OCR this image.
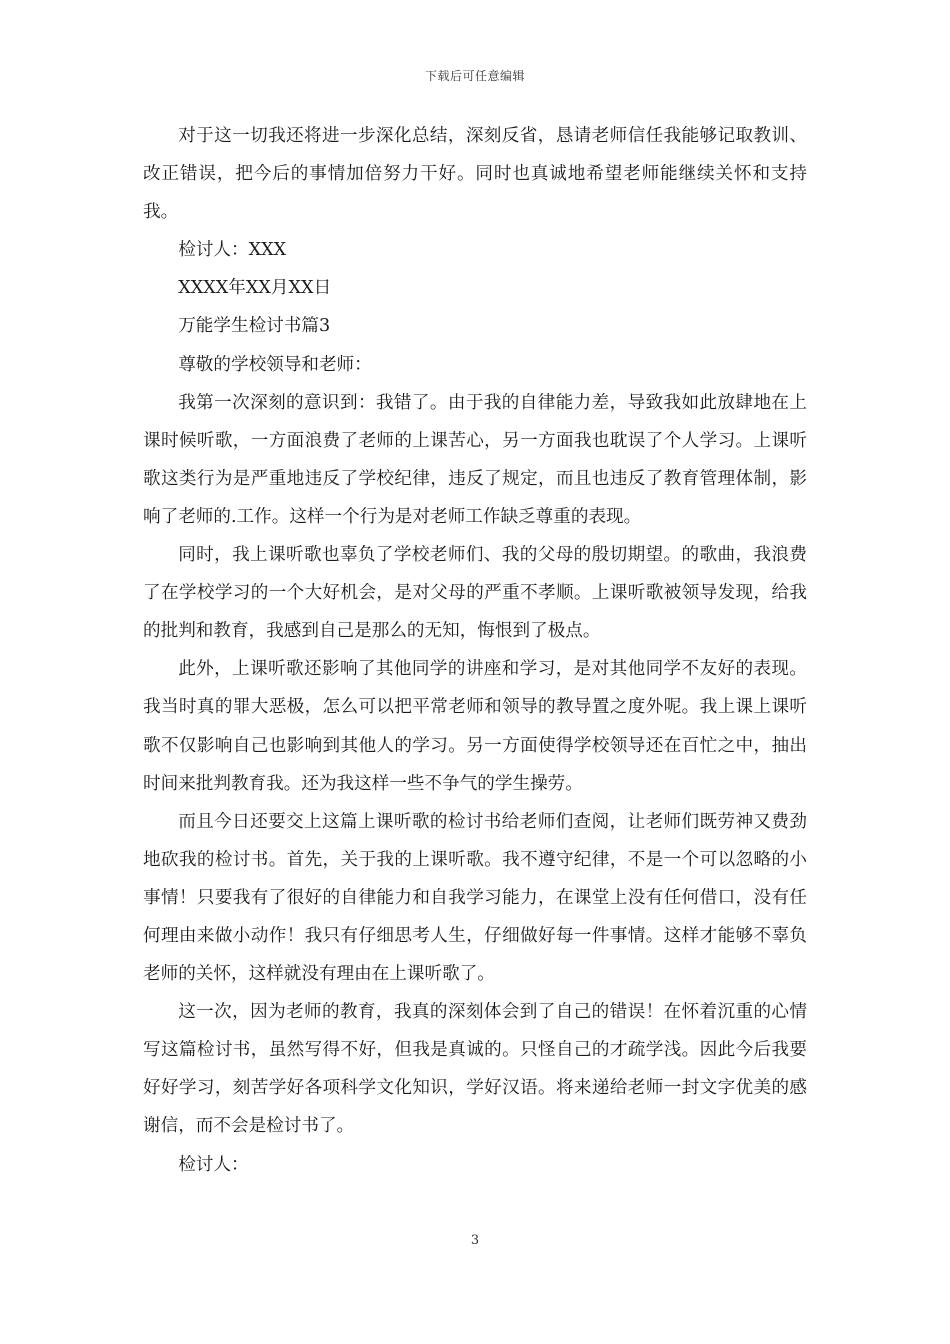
下载后可任意编辑

对于这一切我还将进一步深化总结，深刻反省，恳请老师信任我能够记取教训、改正错误，把今后的事情加倍努力干好。同时也真诚地希望老师能继续关怀和支持我。

检讨人：XXX

XXXX年XX月XX日

万能学生检讨书篇3

尊敬的学校领导和老师：

我第一次深刻的意识到：我错了。由于我的自律能力差，导致我如此放肆地在上课时候听歌，一方面浪费了老师的上课苦心，另一方面我也耽误了个人学习。上课听歌这类行为是严重地违反了学校纪律，违反了规定，而且也违反了教育管理体制，影响了老师的.工作。这样一个行为是对老师工作缺乏尊重的表现。

同时，我上课听歌也辜负了学校老师们、我的父母的殷切期望。的歌曲，我浪费了在学校学习的一个大好机会，是对父母的严重不孝顺。上课听歌被领导发现，给我的批判和教育，我感到自己是那么的无知，悔恨到了极点。

此外，上课听歌还影响了其他同学的讲座和学习，是对其他同学不友好的表现。我当时真的罪大恶极，怎么可以把平常老师和领导的教导置之度外呢。我上课上课听歌不仅影响自己也影响到其他人的学习。另一方面使得学校领导还在百忙之中，抽出时间来批判教育我。还为我这样一些不争气的学生操劳。

而且今日还要交上这篇上课听歌的检讨书给老师们查阅，让老师们既劳神又费劲地砍我的检讨书。首先，关于我的上课听歌。我不遵守纪律，不是一个可以忽略的小事情！只要我有了很好的自律能力和自我学习能力，在课堂上没有任何借口，没有任何理由来做小动作！我只有仔细思考人生，仔细做好每一件事情。这样才能够不辜负老师的关怀，这样就没有理由在上课听歌了。

这一次，因为老师的教育，我真的深刻体会到了自己的错误！在怀着沉重的心情写这篇检讨书，虽然写得不好，但我是真诚的。只怪自己的才疏学浅。因此今后我要好好学习，刻苦学好各项科学文化知识，学好汉语。将来递给老师一封文字优美的感谢信，而不会是检讨书了。

检讨人：

3
